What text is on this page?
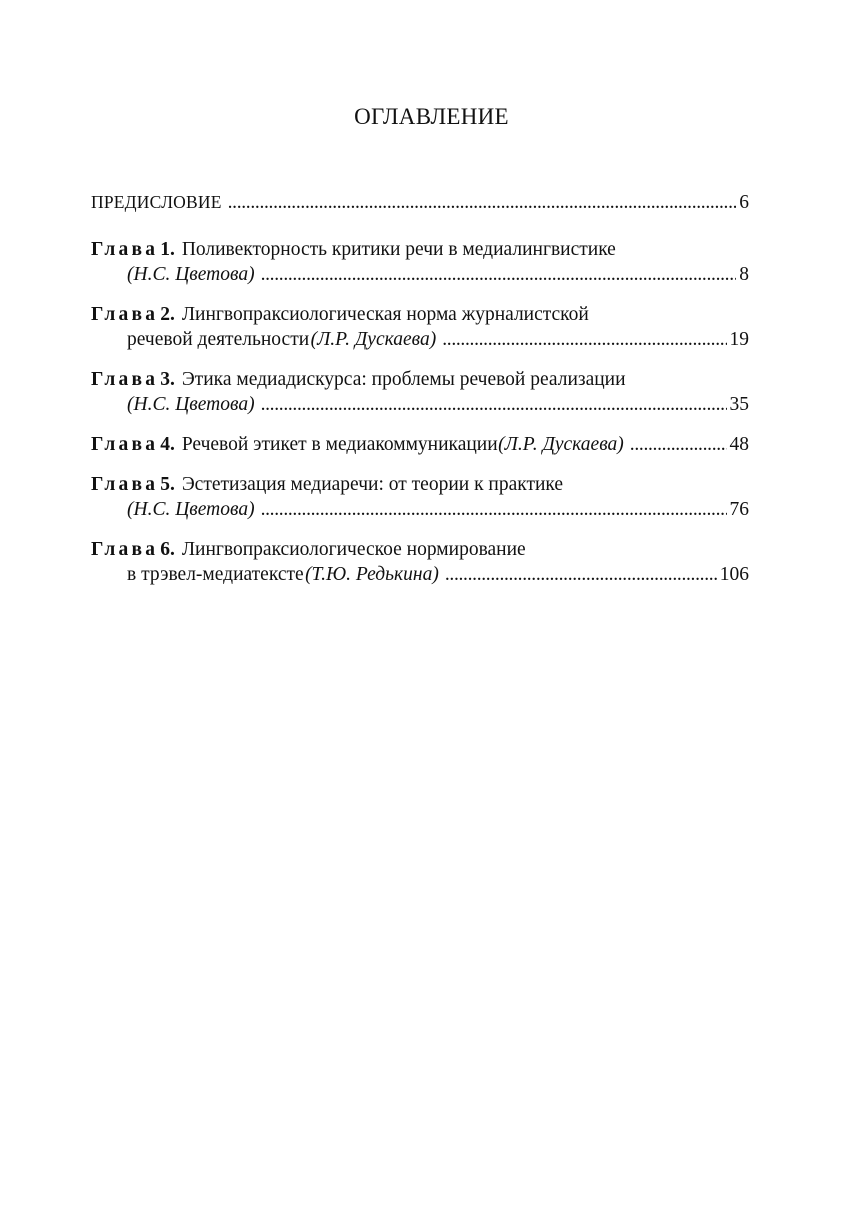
ОГЛАВЛЕНИЕ
ПРЕДИСЛОВИЕ . . .	6
Глава 1. Поливекторность критики речи в медиалингвистике
(Н.С. Цветова) . . .	8
Глава 2. Лингвопраксиологическая норма журналистской
речевой деятельности (Л.Р. Дускаева) . . .	19
Глава 3. Этика медиадискурса: проблемы речевой реализации
(Н.С. Цветова) . . .	35
Глава 4. Речевой этикет в медиакоммуникации (Л.Р. Дускаева) . . .	48
Глава 5. Эстетизация медиаречи: от теории к практике
(Н.С. Цветова) . . .	76
Глава 6. Лингвопраксиологическое нормирование
в трэвел-медиатексте (Т.Ю. Редькина) . . .	106
